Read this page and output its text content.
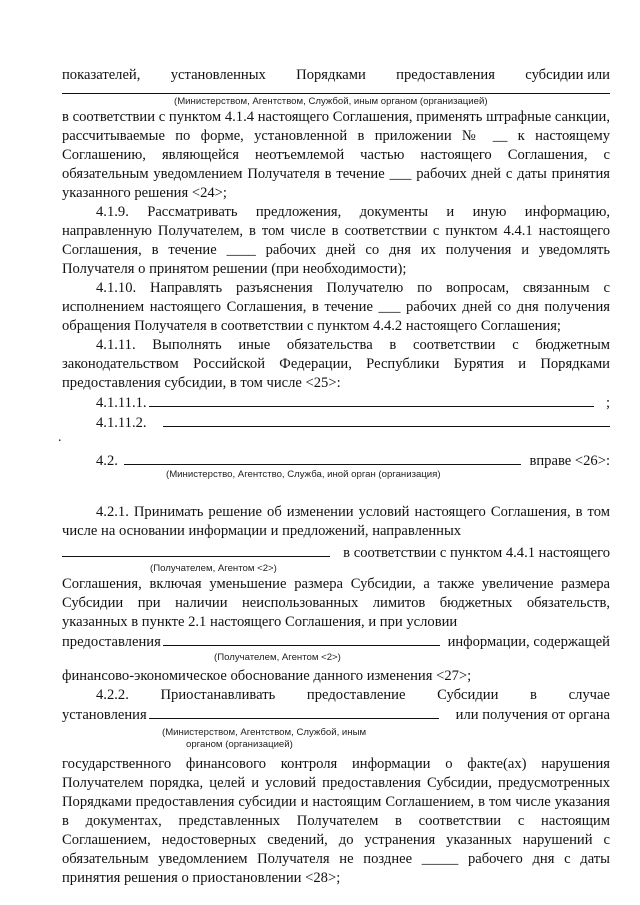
показателей, установленных Порядками предоставления субсидии или
(Министерством, Агентством, Службой, иным органом (организацией)

в соответствии с пунктом 4.1.4 настоящего Соглашения, применять штрафные санкции, рассчитываемые по форме, установленной в приложении № __ к настоящему Соглашению, являющейся неотъемлемой частью настоящего Соглашения, с обязательным уведомлением Получателя в течение ___ рабочих дней с даты принятия указанного решения <24>;

4.1.9. Рассматривать предложения, документы и иную информацию, направленную Получателем, в том числе в соответствии с пунктом 4.4.1 настоящего Соглашения, в течение ____ рабочих дней со дня их получения и уведомлять Получателя о принятом решении (при необходимости);

4.1.10. Направлять разъяснения Получателю по вопросам, связанным с исполнением настоящего Соглашения, в течение ___ рабочих дней со дня получения обращения Получателя в соответствии с пунктом 4.4.2 настоящего Соглашения;

4.1.11. Выполнять иные обязательства в соответствии с бюджетным законодательством Российской Федерации, Республики Бурятия и Порядками предоставления субсидии, в том числе <25>:

4.1.11.1.	;
4.1.11.2.
.
4.2.	вправе <26>:
(Министерство, Агентство, Служба, иной орган (организация)

4.2.1. Принимать решение об изменении условий настоящего Соглашения, в том числе на основании информации и предложений, направленных

в соответствии с пунктом 4.4.1 настоящего
(Получателем, Агентом <2>)

Соглашения, включая уменьшение размера Субсидии, а также увеличение размера Субсидии при наличии неиспользованных лимитов бюджетных обязательств, указанных в пункте 2.1 настоящего Соглашения, и при условии

предоставления	информации, содержащей
(Получателем, Агентом <2>)

финансово-экономическое обоснование данного изменения <27>;

4.2.2. Приостанавливать предоставление Субсидии в случае
установления	или получения от органа
(Министерством, Агентством, Службой, иным
органом (организацией)

государственного финансового контроля информации о факте(ах) нарушения Получателем порядка, целей и условий предоставления Субсидии, предусмотренных Порядками предоставления субсидии и настоящим Соглашением, в том числе указания в документах, представленных Получателем в соответствии с настоящим Соглашением, недостоверных сведений, до устранения указанных нарушений с обязательным уведомлением Получателя не позднее _____ рабочего дня с даты принятия решения о приостановлении <28>;
